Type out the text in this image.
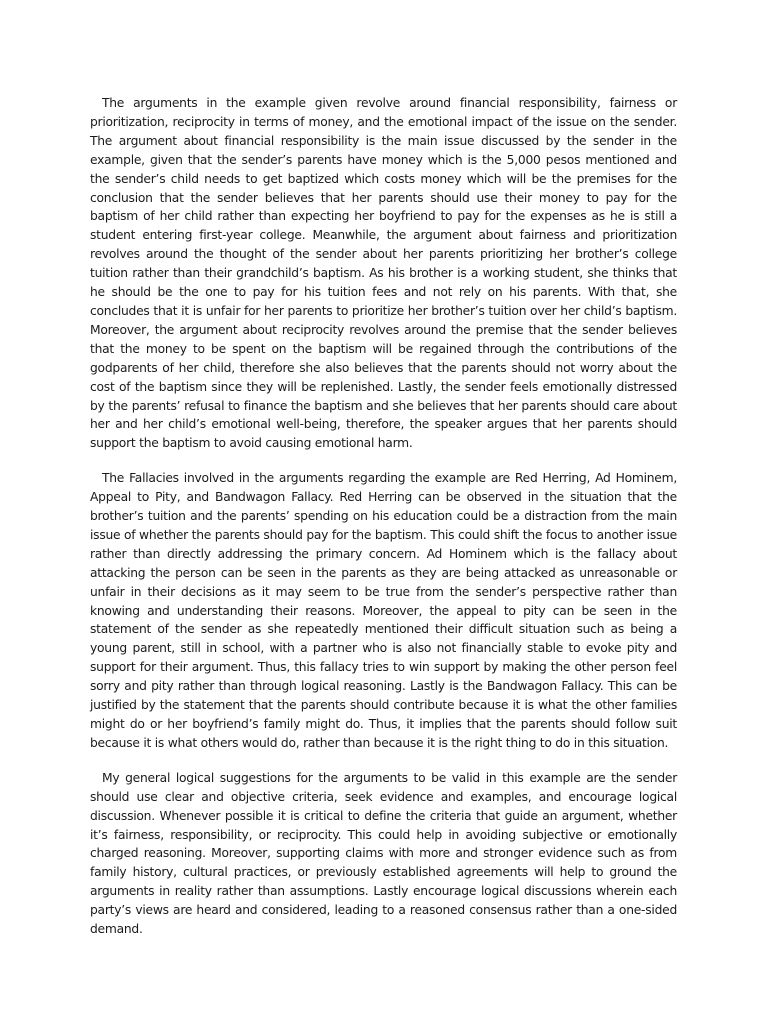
The arguments in the example given revolve around financial responsibility, fairness or prioritization, reciprocity in terms of money, and the emotional impact of the issue on the sender. The argument about financial responsibility is the main issue discussed by the sender in the example, given that the sender’s parents have money which is the 5,000 pesos mentioned and the sender’s child needs to get baptized which costs money which will be the premises for the conclusion that the sender believes that her parents should use their money to pay for the baptism of her child rather than expecting her boyfriend to pay for the expenses as he is still a student entering first-year college. Meanwhile, the argument about fairness and prioritization revolves around the thought of the sender about her parents prioritizing her brother’s college tuition rather than their grandchild’s baptism. As his brother is a working student, she thinks that he should be the one to pay for his tuition fees and not rely on his parents. With that, she concludes that it is unfair for her parents to prioritize her brother’s tuition over her child’s baptism. Moreover, the argument about reciprocity revolves around the premise that the sender believes that the money to be spent on the baptism will be regained through the contributions of the godparents of her child, therefore she also believes that the parents should not worry about the cost of the baptism since they will be replenished. Lastly, the sender feels emotionally distressed by the parents’ refusal to finance the baptism and she believes that her parents should care about her and her child’s emotional well-being, therefore, the speaker argues that her parents should support the baptism to avoid causing emotional harm.

The Fallacies involved in the arguments regarding the example are Red Herring, Ad Hominem, Appeal to Pity, and Bandwagon Fallacy. Red Herring can be observed in the situation that the brother’s tuition and the parents’ spending on his education could be a distraction from the main issue of whether the parents should pay for the baptism. This could shift the focus to another issue rather than directly addressing the primary concern. Ad Hominem which is the fallacy about attacking the person can be seen in the parents as they are being attacked as unreasonable or unfair in their decisions as it may seem to be true from the sender’s perspective rather than knowing and understanding their reasons. Moreover, the appeal to pity can be seen in the statement of the sender as she repeatedly mentioned their difficult situation such as being a young parent, still in school, with a partner who is also not financially stable to evoke pity and support for their argument. Thus, this fallacy tries to win support by making the other person feel sorry and pity rather than through logical reasoning. Lastly is the Bandwagon Fallacy. This can be justified by the statement that the parents should contribute because it is what the other families might do or her boyfriend’s family might do. Thus, it implies that the parents should follow suit because it is what others would do, rather than because it is the right thing to do in this situation.

My general logical suggestions for the arguments to be valid in this example are the sender should use clear and objective criteria, seek evidence and examples, and encourage logical discussion. Whenever possible it is critical to define the criteria that guide an argument, whether it’s fairness, responsibility, or reciprocity. This could help in avoiding subjective or emotionally charged reasoning. Moreover, supporting claims with more and stronger evidence such as from family history, cultural practices, or previously established agreements will help to ground the arguments in reality rather than assumptions. Lastly encourage logical discussions wherein each party’s views are heard and considered, leading to a reasoned consensus rather than a one-sided demand.
